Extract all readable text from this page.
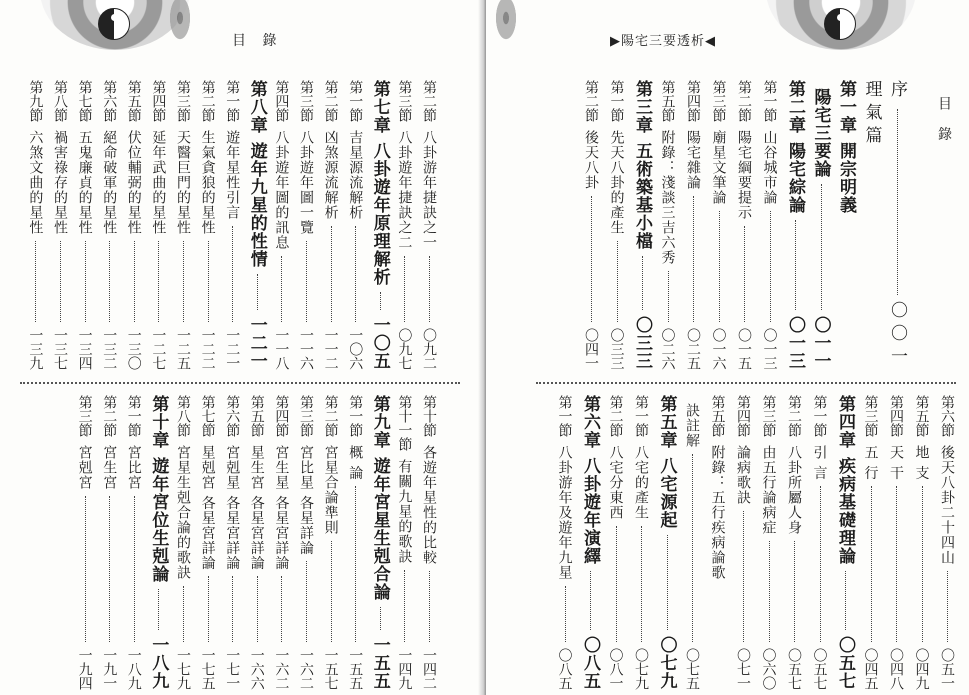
目 錄
第二節
八卦游年捷訣之一
〇九二
第三節
八卦遊年捷訣之二
〇九七
第七章
八卦遊年原理解析
一〇五
第一節
吉星源流解析
一〇六
第二節
凶煞源流解析
一一二
第三節
八卦遊年圖一覽
一一六
第四節
八卦遊年圖的訊息
一一八
第八章
遊年九星的性情
一二一
第一節
遊年星性引言
一二一
第二節
生氣貪狼的星性
一二二
第三節
天醫巨門的星性
一二五
第四節
延年武曲的星性
一二七
第五節
伏位輔弼的星性
一三〇
第六節
絕命破軍的星性
一三二
第七節
五鬼廉貞的星性
一三四
第八節
禍害祿存的星性
一三七
第九節
六煞文曲的星性
一三九
第十節
各遊年星性的比較
一四二
第十一節
有關九星的歌訣
一四九
第九章
遊年宮星生剋合論
一五五
第一節
概 論
一五五
第二節
宮星合論準則
一五七
第三節
宮比星 各星詳論
一六二
第四節
宮生星 各星宮詳論
一六二
第五節
星生宮 各星宮詳論
一六六
第六節
宮剋星 各星宮詳論
一七一
第七節
星剋宮 各星宮詳論
一七五
第八節
宮星生剋合論的歌訣
一七九
第十章
遊年宮位生剋論
一八九
第一節
宮比宮
一八九
第二節
宮生宮
一九一
第三節
宮剋宮
一九四
序
〇〇一
理氣篇
第一章
開宗明義
陽宅三要論
〇一一
第二章
陽宅綜論
〇一三
第一節
山谷城市論
〇一三
第二節
陽宅綱要提示
〇一五
第三節
廟星文筆論
〇一六
第四節
陽宅雜論
〇二五
第五節
附錄：淺談三吉六秀
〇二六
第三章
五術築基小檔
〇三三
第一節
先天八卦的產生
〇三三
第二節
後天八卦
〇四一
第六節
後天八卦二十四山
〇五一
第五節
地 支
〇四九
第四節
天 干
〇四八
第三節
五 行
〇四五
第四章
疾病基礎理論
〇五七
第一節
引 言
〇五七
第二節
八卦所屬人身
〇五七
第三節
由五行論病症
〇六〇
第四節
論病歌訣
〇七一
第五節
附錄：五行疾病論歌
訣註解
〇七五
第五章
八宅源起
〇七九
第一節
八宅的產生
〇七九
第二節
八宅分東西
〇八一
第六章
八卦遊年演繹
〇八五
第一節
八卦游年及遊年九星
〇八五
▶陽宅三要透析◀
目 錄
